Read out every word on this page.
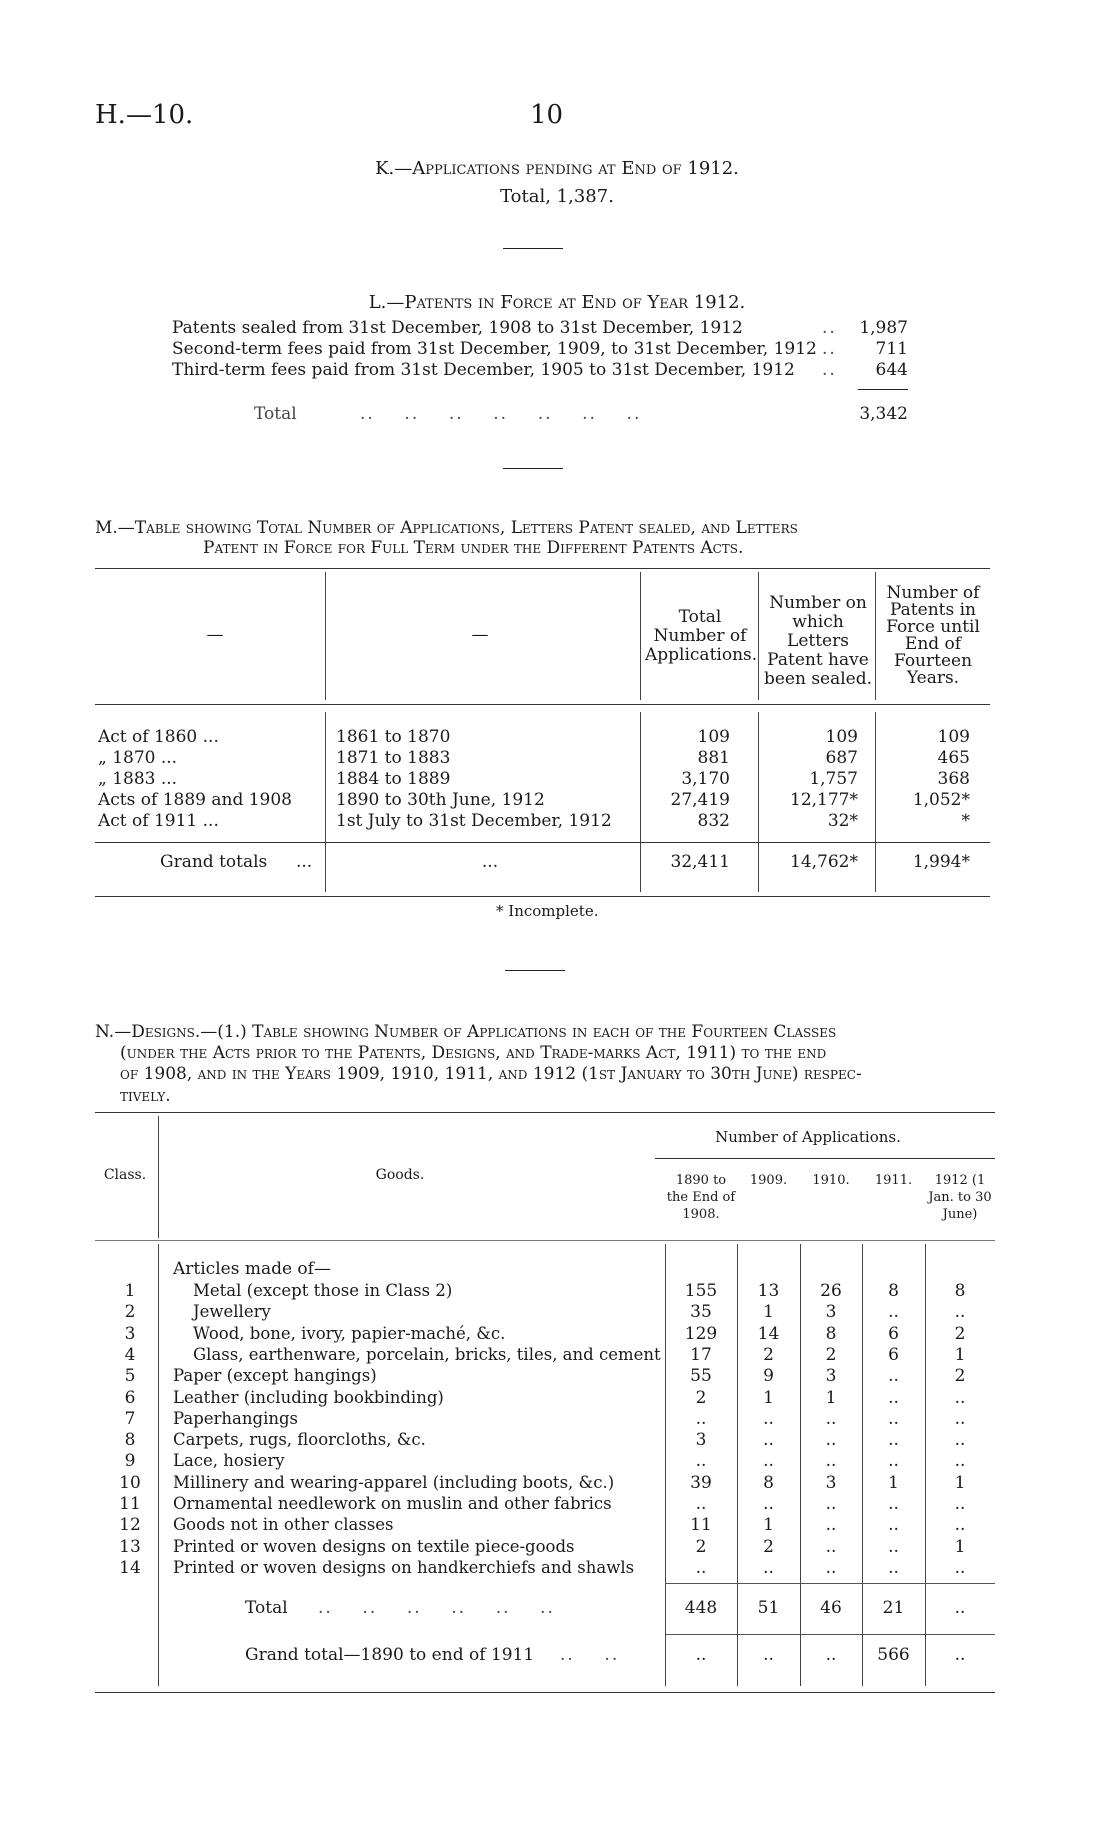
H.—10.	10
K.—Applications pending at End of 1912.
Total, 1,387.
L.—Patents in Force at End of Year 1912.
Patents sealed from 31st December, 1908 to 31st December, 1912	..	1,987
Second-term fees paid from 31st December, 1909, to 31st December, 1912 ..	711
Third-term fees paid from 31st December, 1905 to 31st December, 1912 ..	644
Total	..    ..    ..    ..    ..    ..    ..	3,342
M.—Table showing Total Number of Applications, Letters Patent sealed, and Letters
Patent in Force for Full Term under the Different Patents Acts.
—	—
Total Number of Applications.
Number on which Letters Patent have been sealed.
Number of Patents in Force until End of Fourteen Years.
Act of 1860 ...	1861 to 1870	109	109	109
„ 1870 ...	1871 to 1883	881	687	465
„ 1883 ...	1884 to 1889	3,170	1,757	368
Acts of 1889 and 1908	1890 to 30th June, 1912	27,419	12,177*	1,052*
Act of 1911 ...	1st July to 31st December, 1912	832	32*	*
Grand totals ...	...	32,411	14,762*	1,994*
* Incomplete.
N.—Designs.—(1.) Table showing Number of Applications in each of the Fourteen Classes
(under the Acts prior to the Patents, Designs, and Trade-marks Act, 1911) to the end
of 1908, and in the Years 1909, 1910, 1911, and 1912 (1st January to 30th June) respec-
tively.
Number of Applications.
Class.	Goods.	1890 to the End of 1908.
1909.	1910.	1911.	1912 (1 Jan. to 30 June)
Articles made of—
1	Metal (except those in Class 2)	155	13	26	8	8
2	Jewellery	35	1	3	..	..
3	Wood, bone, ivory, papier-maché, &c.	129	14	8	6	2
4	Glass, earthenware, porcelain, bricks, tiles, and cement	17	2	2	6	1
5	Paper (except hangings)	55	9	3	..	2
6	Leather (including bookbinding)	2	1	1	..	..
7	Paperhangings	..	..	..	..	..
8	Carpets, rugs, floorcloths, &c.	3	..	..	..	..
9	Lace, hosiery	..	..	..	..	..
10	Millinery and wearing-apparel (including boots, &c.)	39	8	3	1	1
11	Ornamental needlework on muslin and other fabrics	..	..	..	..	..
12	Goods not in other classes	11	1	..	..	..
13	Printed or woven designs on textile piece-goods	2	2	..	..	1
14	Printed or woven designs on handkerchiefs and shawls	..	..	..	..	..
Total ..    ..    ..    ..    ..    ..	448	51	46	21	..
Grand total—1890 to end of 1911 ..    ..	..	..	..	566	..
